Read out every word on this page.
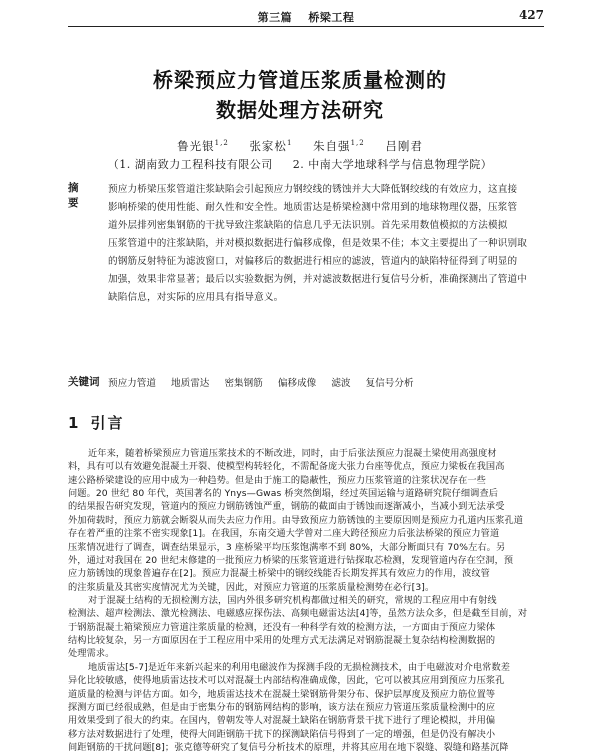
第三篇 桥梁工程	427
桥梁预应力管道压浆质量检测的
数据处理方法研究
鲁光银$^{1,2}$ 张家松$^1$ 朱自强$^{1,2}$ 吕刚君
（1. 湖南致力工程科技有限公司 2. 中南大学地球科学与信息物理学院）
摘 要
预应力桥梁压浆管道注浆缺陷会引起预应力钢绞线的锈蚀并大大降低钢绞线的有效应力，这直接
影响桥梁的使用性能、耐久性和安全性。地质雷达是桥梁检测中常用到的地球物理仪器，压浆管
道外层排列密集钢筋的干扰导致注浆缺陷的信息几乎无法识别。首先采用数值模拟的方法模拟
压浆管道中的注浆缺陷，并对模拟数据进行偏移成像，但是效果不佳；本文主要提出了一种识别取
的钢筋反射特征为滤波窗口，对偏移后的数据进行相应的滤波，管道内的缺陷特征得到了明显的
加强，效果非常显著；最后以实验数据为例，并对滤波数据进行复信号分析，准确探测出了管道中
缺陷信息，对实际的应用具有指导意义。
关键词 预应力管道 地质雷达 密集钢筋 偏移成像 滤波 复信号分析
1 引言
近年来，随着桥梁预应力管道压浆技术的不断改进，同时，由于后张法预应力混凝土梁使用高强度材
料，具有可以有效避免混凝土开裂、使模型构转轻化，不需配备庞大张力台座等优点，预应力梁板在我国高
速公路桥梁建设的应用中成为一种趋势。但是由于施工的隐蔽性，预应力压浆管道的注浆状况存在一些
问题。20 世纪 80 年代，英国著名的 Ynys—Gwas 桥突然倒塌，经过英国运输与道路研究院仔细调查后
的结果报告研究发现，管道内的预应力钢筋锈蚀严重，钢筋的截面由于锈蚀而逐渐减小，当减小到无法承受
外加荷载时，预应力筋就会断裂从而失去应力作用。由导致预应力筋锈蚀的主要原因则是预应力孔道内压浆孔道
存在着严重的注浆不密实现象[1]。在我国，东南交通大学曾对二座大跨径预应力后张法桥梁的预应力管道
压浆情况进行了调查，调查结果显示，3 座桥梁平均压浆饱满率不到 80%，大部分断面只有 70%左右。另
外，通过对我国在 20 世纪末修建的一批预应力桥梁的压浆管道进行钻探取芯检测，发现管道内存在空洞，预
应力筋锈蚀的现象普遍存在[2]。预应力混凝土桥梁中的钢绞线能否长期发挥其有效应力的作用，波纹管
的注浆质量及其密实度情况尤为关键，因此，对预应力管道的压浆质量检测势在必行[3]。
对于混凝土结构的无损检测方法，国内外很多研究机构都做过相关的研究，常规的工程应用中有射线
检测法、超声检测法、激光检测法、电磁感应探伤法、高频电磁雷达法[4]等，虽然方法众多，但是截至目前，对
于钢筋混凝土箱梁预应力管道注浆质量的检测，还没有一种科学有效的检测方法，一方面由于预应力梁体
结构比较复杂，另一方面原因在于工程应用中采用的处理方式无法满足对钢筋混凝土复杂结构检测数据的
处理需求。
地质雷达[5-7]是近年来新兴起来的利用电磁波作为探测手段的无损检测技术，由于电磁波对介电常数差
异化比较敏感，使得地质雷达技术可以对混凝土内部结构准确成像，因此，它可以被其应用到预应力压浆孔
道质量的检测与评估方面。如今，地质雷达技术在混凝土梁钢筋骨架分布、保护层厚度及预应力筋位置等
探测方面已经很成熟，但是由于密集分布的钢筋网结构的影响，该方法在预应力管道压浆质量检测中的应
用效果受到了很大的约束。在国内，曾朝发等人对混凝土缺陷在钢筋背景干扰下进行了理论模拟，并用偏
移方法对数据进行了处理，使得大间距钢筋干扰下的探测缺陷信号得到了一定的增强，但是仍没有解决小
间距钢筋的干扰问题[8]；张克德等研究了复信号分析技术的原理，并将其应用在地下裂缝、裂缝和路基沉降
